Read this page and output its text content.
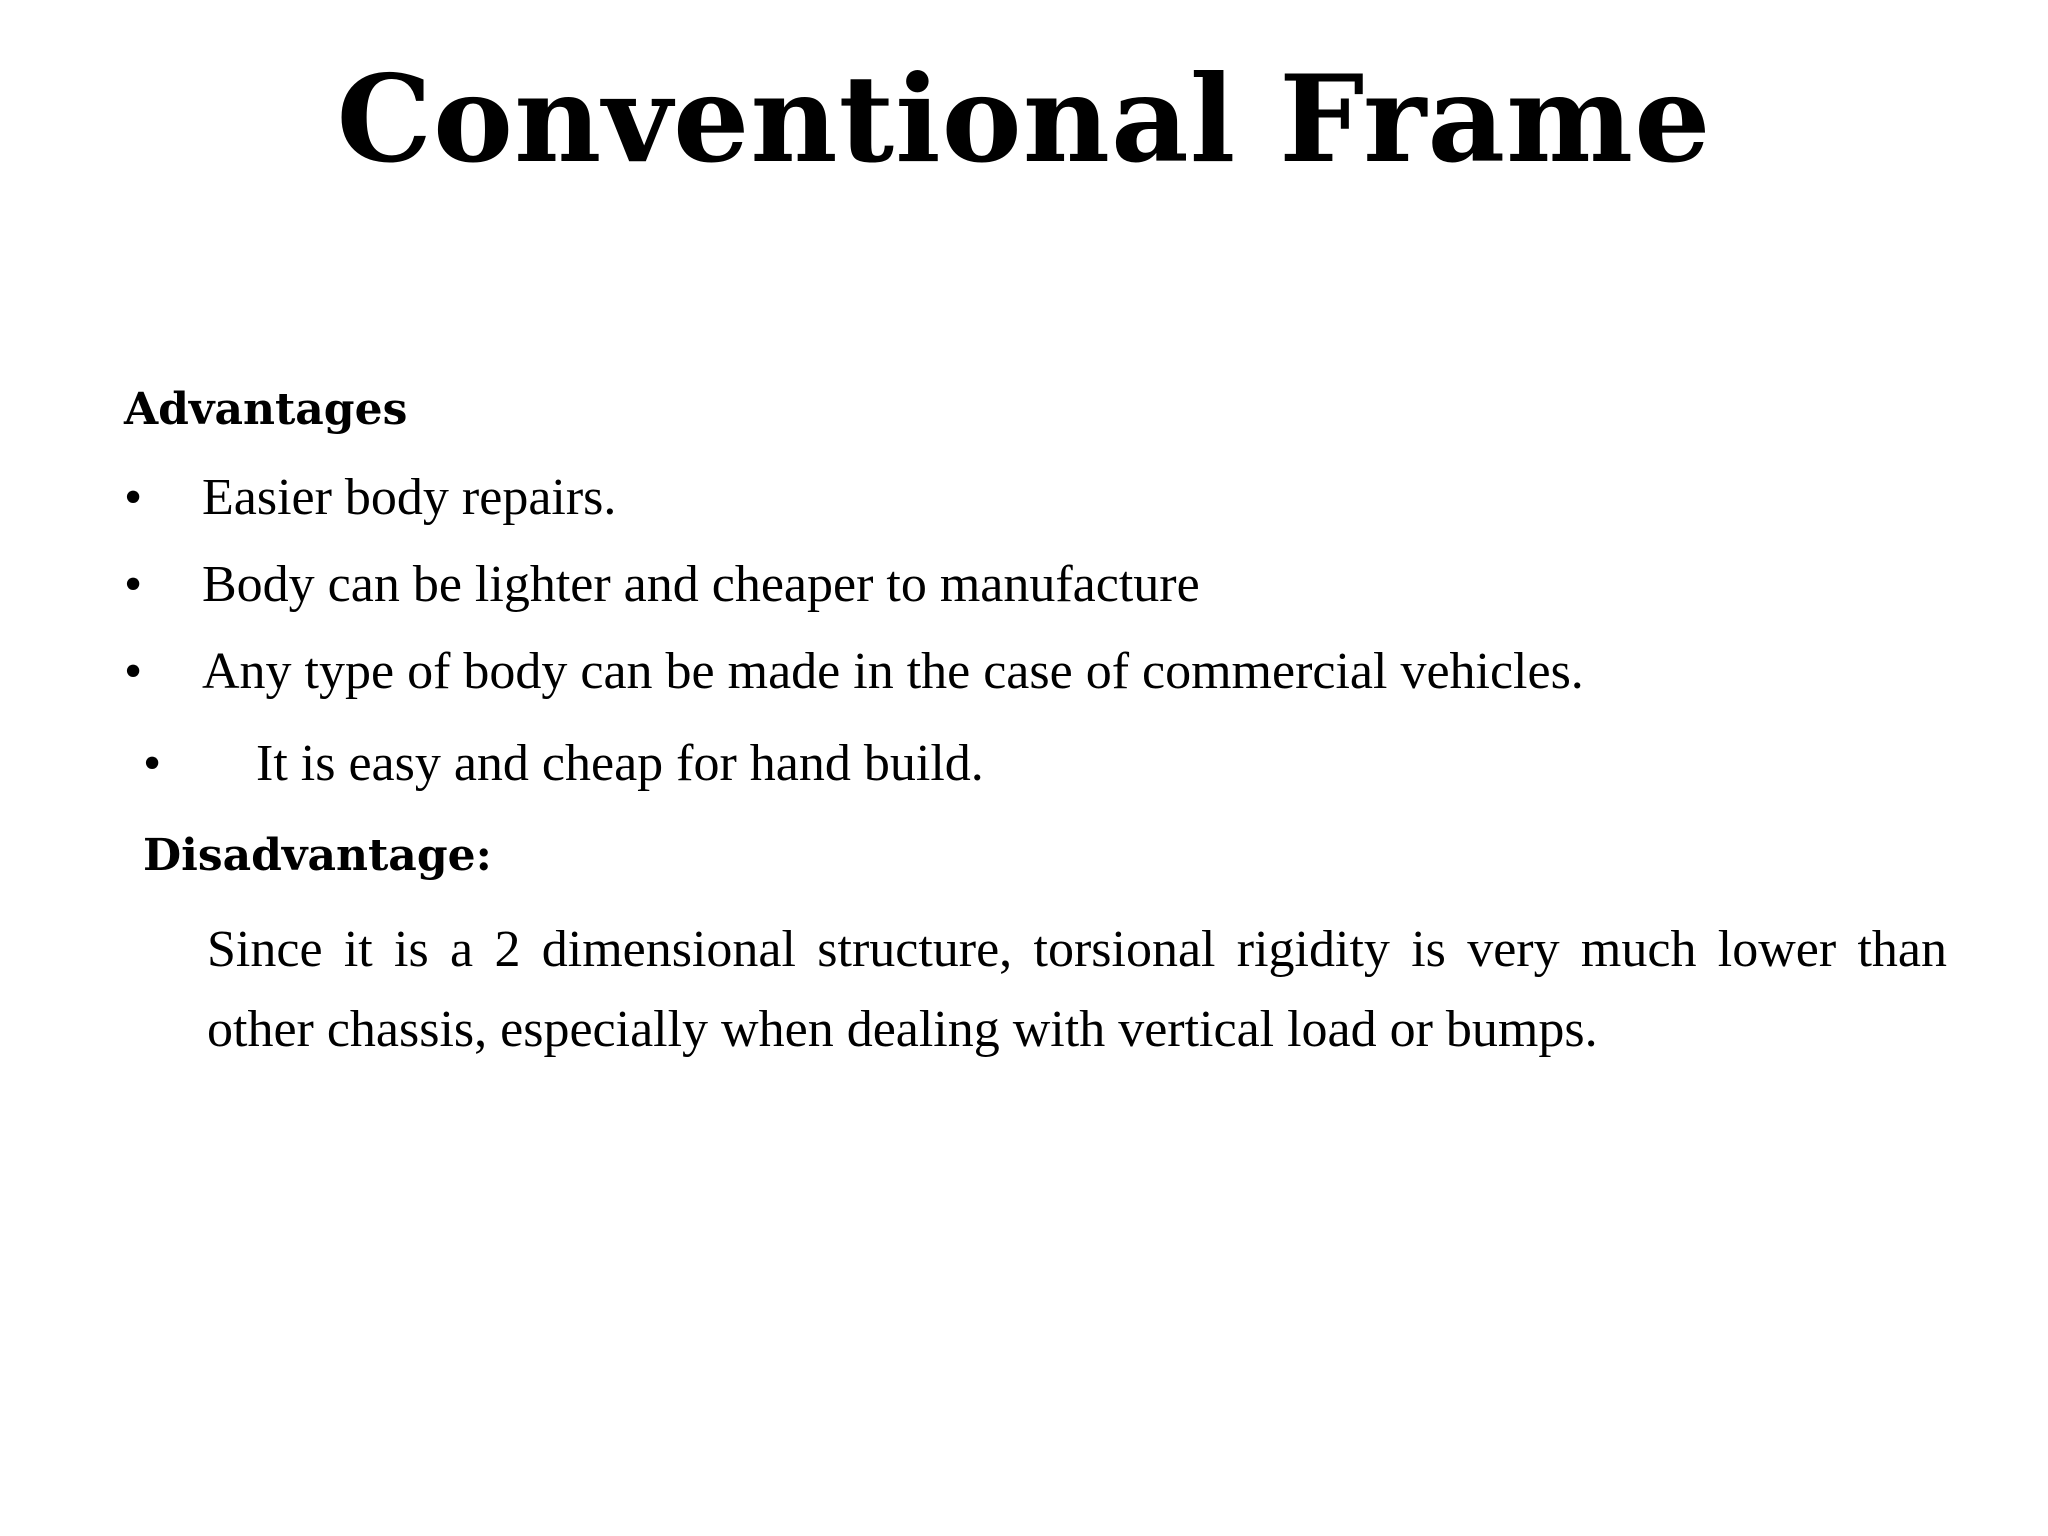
Conventional Frame
Advantages
• Easier body repairs.
• Body can be lighter and cheaper to manufacture
• Any type of body can be made in the case of commercial vehicles.
• It is easy and cheap for hand build.
Disadvantage:

Since it is a 2 dimensional structure, torsional rigidity is very much lower than other chassis, especially when dealing with vertical load or bumps.
